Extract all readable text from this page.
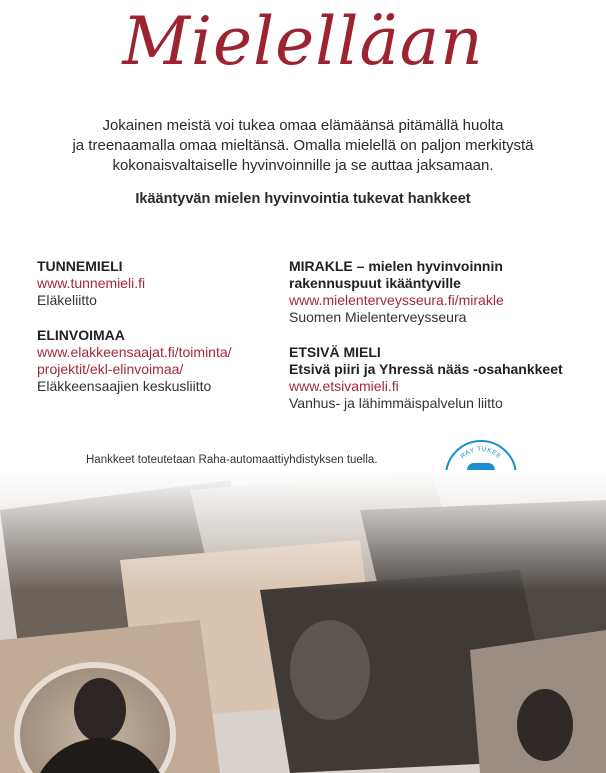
Mielelläan
Jokainen meistä voi tukea omaa elämäänsä pitämällä huolta
ja treenaamalla omaa mieltänsä. Omalla mielellä on paljon merkitystä
kokonaisvaltaiselle hyvinvoinnille ja se auttaa jaksamaan.
Ikääntyvän mielen hyvinvointia tukevat hankkeet
TUNNEMIELI
www.tunnemieli.fi
Eläkeliitto
ELINVOIMAA
www.elakkeensaajat.fi/toiminta/
projektit/ekl-elinvoimaa/
Eläkkeensaajien keskusliitto
MIRAKLE – mielen hyvinvoinnin
rakennuspuut ikääntyville
www.mielenterveysseura.fi/mirakle
Suomen Mielenterveysseura
ETSIVÄ MIELI
Etsivä piiri ja Yhressä nääs -osahankkeet
www.etsivamieli.fi
Vanhus- ja lähimmäispalvelun liitto
Hankkeet toteutetaan Raha-automaattiyhdistyksen tuella.	RAY TUKEE
